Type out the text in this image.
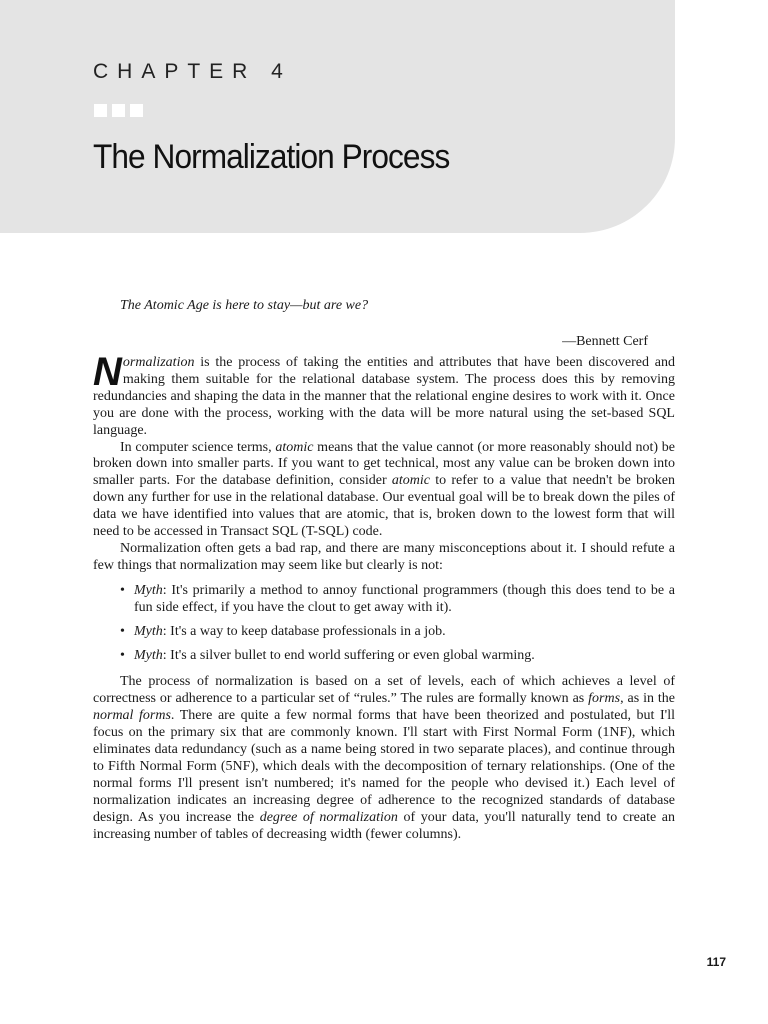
CHAPTER 4

The Normalization Process

The Atomic Age is here to stay—but are we?

—Bennett Cerf

Normalization is the process of taking the entities and attributes that have been discovered and making them suitable for the relational database system. The process does this by removing redundancies and shaping the data in the manner that the relational engine desires to work with it. Once you are done with the process, working with the data will be more natural using the set-based SQL language.

In computer science terms, atomic means that the value cannot (or more reasonably should not) be broken down into smaller parts. If you want to get technical, most any value can be broken down into smaller parts. For the database definition, consider atomic to refer to a value that needn't be broken down any further for use in the relational database. Our eventual goal will be to break down the piles of data we have identified into values that are atomic, that is, broken down to the lowest form that will need to be accessed in Transact SQL (T-SQL) code.

Normalization often gets a bad rap, and there are many misconceptions about it. I should refute a few things that normalization may seem like but clearly is not:

• Myth: It's primarily a method to annoy functional programmers (though this does tend to be a fun side effect, if you have the clout to get away with it).
• Myth: It's a way to keep database professionals in a job.
• Myth: It's a silver bullet to end world suffering or even global warming.

The process of normalization is based on a set of levels, each of which achieves a level of correctness or adherence to a particular set of “rules.” The rules are formally known as forms, as in the normal forms. There are quite a few normal forms that have been theorized and postulated, but I'll focus on the primary six that are commonly known. I'll start with First Normal Form (1NF), which eliminates data redundancy (such as a name being stored in two separate places), and continue through to Fifth Normal Form (5NF), which deals with the decomposition of ternary relationships. (One of the normal forms I'll present isn't numbered; it's named for the people who devised it.) Each level of normalization indicates an increasing degree of adherence to the recognized standards of database design. As you increase the degree of normalization of your data, you'll naturally tend to create an increasing number of tables of decreasing width (fewer columns).

117
